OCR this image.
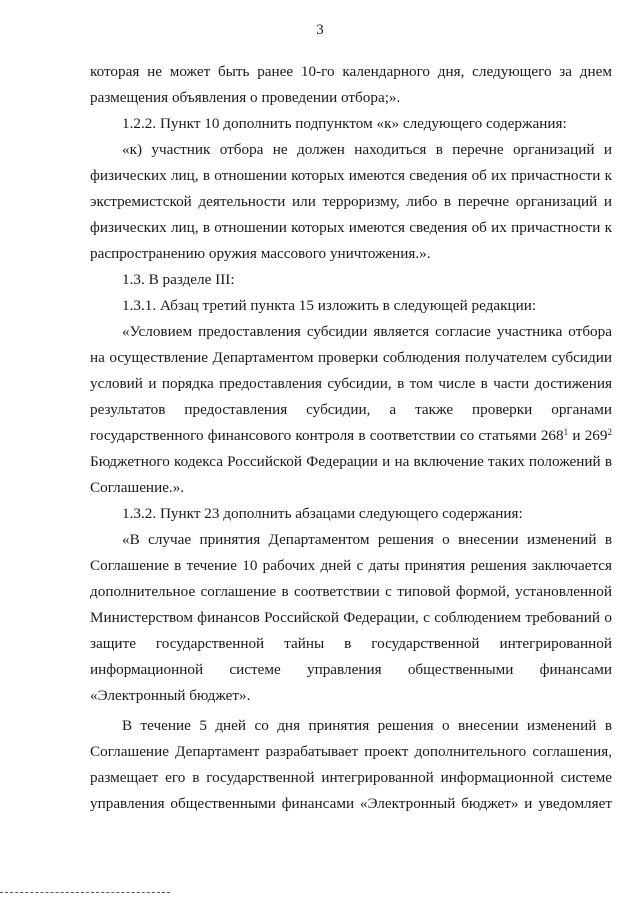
3
которая не может быть ранее 10-го календарного дня, следующего за днем
размещения объявления о проведении отбора;».
1.2.2. Пункт 10 дополнить подпунктом «к» следующего содержания:
«к) участник отбора не должен находиться в перечне организаций и
физических лиц, в отношении которых имеются сведения об их причастности к
экстремистской деятельности или терроризму, либо в перечне организаций и
физических лиц, в отношении которых имеются сведения об их причастности к
распространению оружия массового уничтожения.».
1.3. В разделе III:
1.3.1. Абзац третий пункта 15 изложить в следующей редакции:
«Условием предоставления субсидии является согласие участника отбора
на осуществление Департаментом проверки соблюдения получателем субсидии
условий и порядка предоставления субсидии, в том числе в части достижения
результатов предоставления субсидии, а также проверки органами
государственного финансового контроля в соответствии со статьями $268^1$ и $269^2$
Бюджетного кодекса Российской Федерации и на включение таких положений в
Соглашение.».
1.3.2. Пункт 23 дополнить абзацами следующего содержания:
«В случае принятия Департаментом решения о внесении изменений в
Соглашение в течение 10 рабочих дней с даты принятия решения заключается
дополнительное соглашение в соответствии с типовой формой, установленной
Министерством финансов Российской Федерации, с соблюдением требований о
защите государственной тайны в государственной интегрированной
информационной системе управления общественными финансами
«Электронный бюджет».
В течение 5 дней со дня принятия решения о внесении изменений в
Соглашение Департамент разрабатывает проект дополнительного соглашения,
размещает его в государственной интегрированной информационной системе
управления общественными финансами «Электронный бюджет» и уведомляет
